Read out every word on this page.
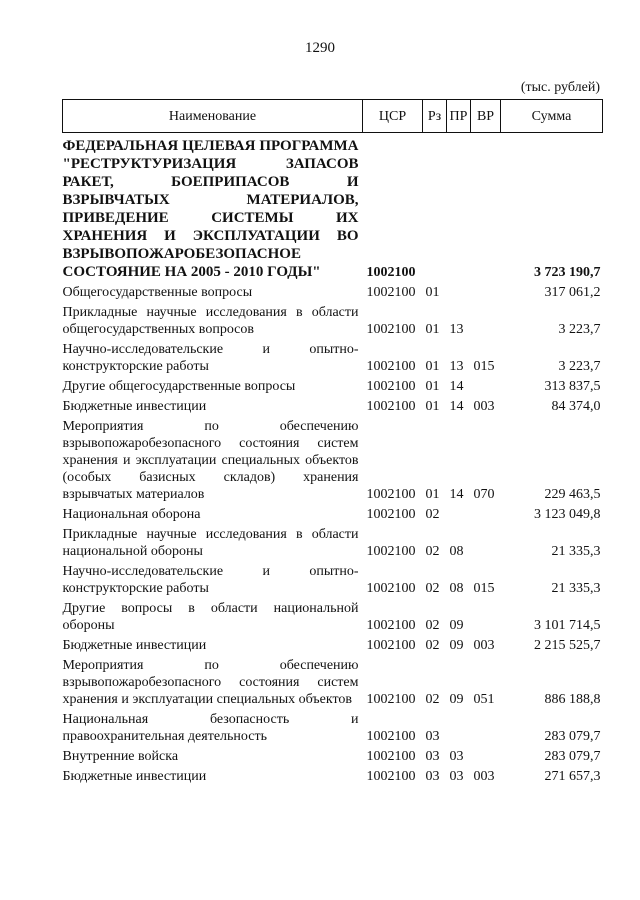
1290
(тыс. рублей)
Наименование	ЦСР	Рз	ПР	ВР	Сумма
ФЕДЕРАЛЬНАЯ ЦЕЛЕВАЯ ПРОГРАММА "РЕСТРУКТУРИЗАЦИЯ ЗАПАСОВ РАКЕТ, БОЕПРИПАСОВ И ВЗРЫВЧАТЫХ МАТЕРИАЛОВ, ПРИВЕДЕНИЕ СИСТЕМЫ ИХ ХРАНЕНИЯ И ЭКСПЛУАТАЦИИ ВО ВЗРЫВОПОЖАРОБЕЗОПАСНОЕ СОСТОЯНИЕ НА 2005 - 2010 ГОДЫ"	1002100				3 723 190,7
Общегосударственные вопросы	1002100	01			317 061,2
Прикладные научные исследования в области общегосударственных вопросов	1002100	01	13		3 223,7
Научно-исследовательские и опытно-конструкторские работы	1002100	01	13	015	3 223,7
Другие общегосударственные вопросы	1002100	01	14		313 837,5
Бюджетные инвестиции	1002100	01	14	003	84 374,0
Мероприятия по обеспечению взрывопожаробезопасного состояния систем хранения и эксплуатации специальных объектов (особых базисных складов) хранения взрывчатых материалов	1002100	01	14	070	229 463,5
Национальная оборона	1002100	02			3 123 049,8
Прикладные научные исследования в области национальной обороны	1002100	02	08		21 335,3
Научно-исследовательские и опытно-конструкторские работы	1002100	02	08	015	21 335,3
Другие вопросы в области национальной обороны	1002100	02	09		3 101 714,5
Бюджетные инвестиции	1002100	02	09	003	2 215 525,7
Мероприятия по обеспечению взрывопожаробезопасного состояния систем хранения и эксплуатации специальных объектов	1002100	02	09	051	886 188,8
Национальная безопасность и правоохранительная деятельность	1002100	03			283 079,7
Внутренние войска	1002100	03	03		283 079,7
Бюджетные инвестиции	1002100	03	03	003	271 657,3
